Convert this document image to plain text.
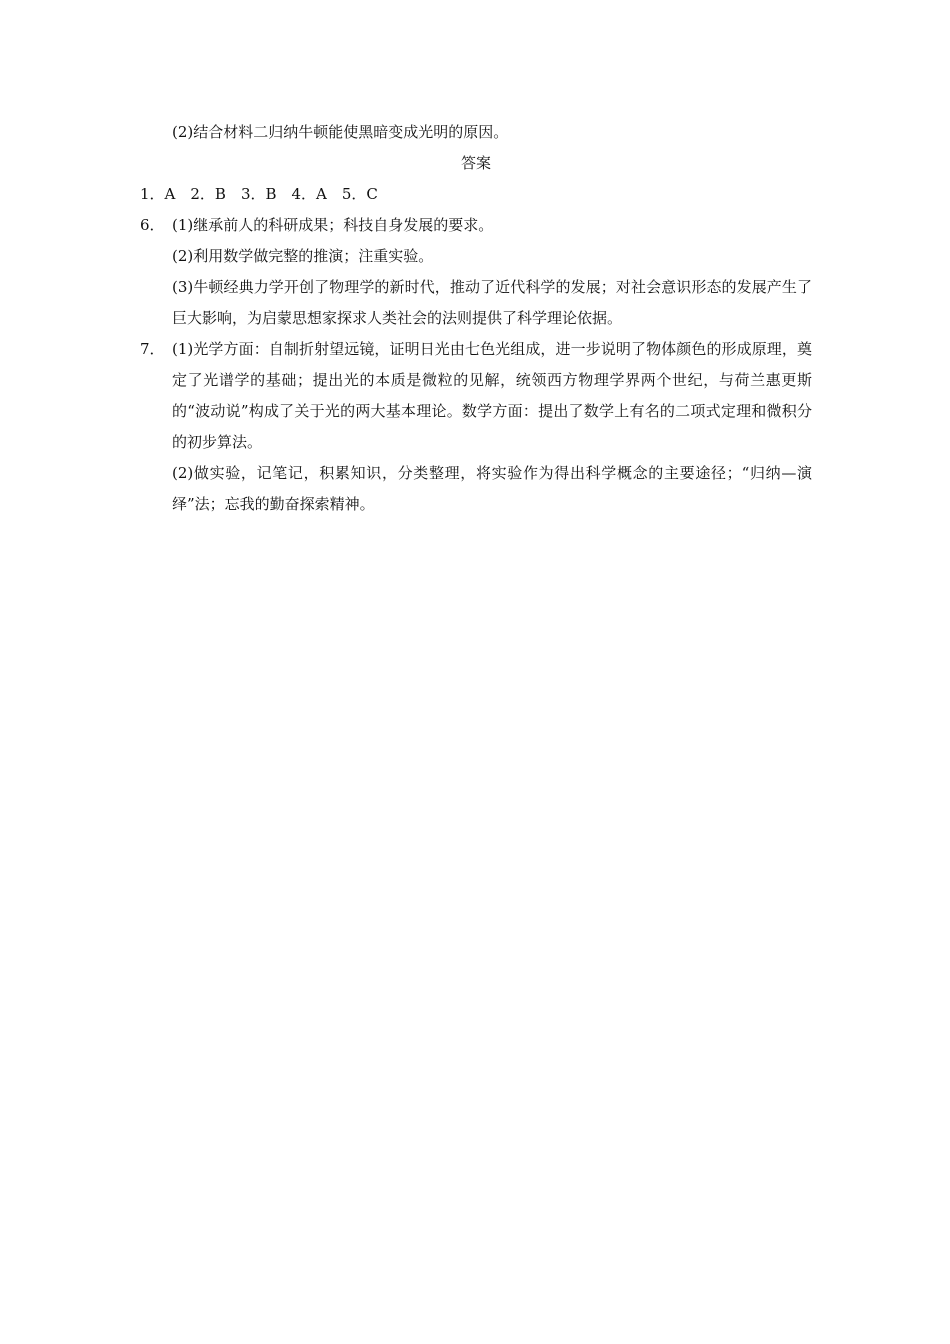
(2)结合材料二归纳牛顿能使黑暗变成光明的原因。

答案

1．A　2．B　3．B　4．A　5．C

6． (1)继承前人的科研成果；科技自身发展的要求。

(2)利用数学做完整的推演；注重实验。

(3)牛顿经典力学开创了物理学的新时代，推动了近代科学的发展；对社会意识形态的发展产生了巨大影响，为启蒙思想家探求人类社会的法则提供了科学理论依据。

7． (1)光学方面：自制折射望远镜，证明日光由七色光组成，进一步说明了物体颜色的形成原理，奠定了光谱学的基础；提出光的本质是微粒的见解，统领西方物理学界两个世纪，与荷兰惠更斯的“波动说”构成了关于光的两大基本理论。数学方面：提出了数学上有名的二项式定理和微积分的初步算法。

(2)做实验，记笔记，积累知识，分类整理，将实验作为得出科学概念的主要途径；“归纳—演绎”法；忘我的勤奋探索精神。
